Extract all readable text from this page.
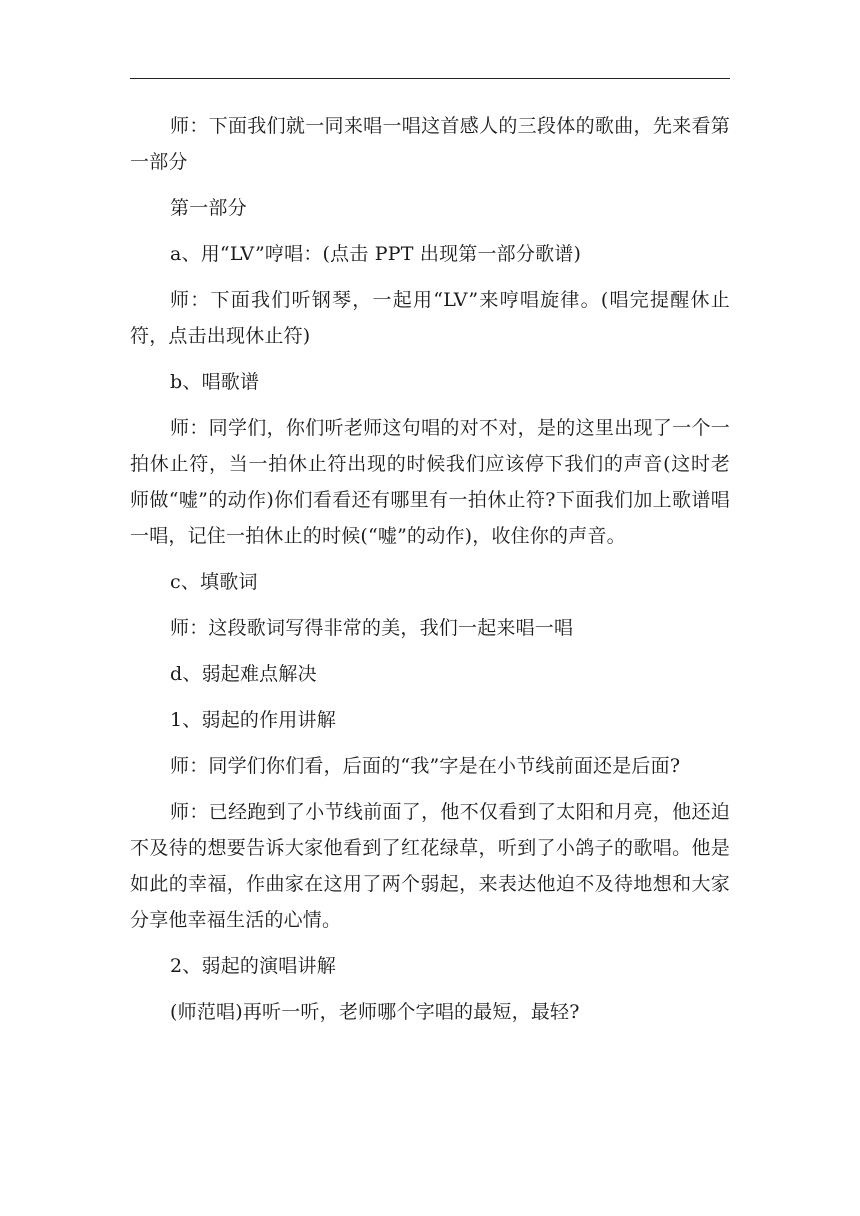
师：下面我们就一同来唱一唱这首感人的三段体的歌曲，先来看第一部分

第一部分

a、用“LV”哼唱：(点击 PPT 出现第一部分歌谱)

师：下面我们听钢琴，一起用“LV”来哼唱旋律。(唱完提醒休止符，点击出现休止符)

b、唱歌谱

师：同学们，你们听老师这句唱的对不对，是的这里出现了一个一拍休止符，当一拍休止符出现的时候我们应该停下我们的声音(这时老师做“嘘”的动作)你们看看还有哪里有一拍休止符?下面我们加上歌谱唱一唱，记住一拍休止的时候(“嘘”的动作)，收住你的声音。

c、填歌词

师：这段歌词写得非常的美，我们一起来唱一唱

d、弱起难点解决

1、弱起的作用讲解

师：同学们你们看，后面的“我”字是在小节线前面还是后面?

师：已经跑到了小节线前面了，他不仅看到了太阳和月亮，他还迫不及待的想要告诉大家他看到了红花绿草，听到了小鸽子的歌唱。他是如此的幸福，作曲家在这用了两个弱起，来表达他迫不及待地想和大家分享他幸福生活的心情。

2、弱起的演唱讲解

(师范唱)再听一听，老师哪个字唱的最短，最轻?
